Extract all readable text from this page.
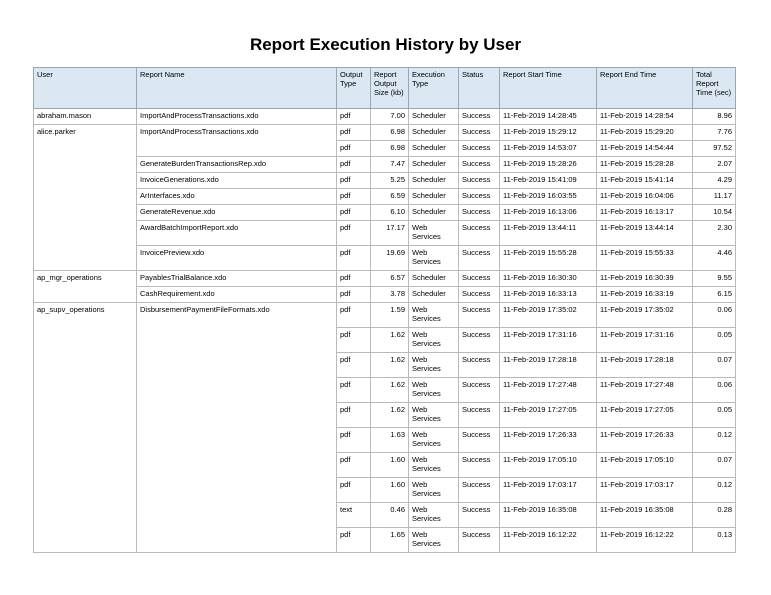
Report Execution History by User
User	Report Name	Output Type	Report Output Size (kb)	Execution Type	Status	Report Start Time	Report End Time	Total Report Time (sec)
abraham.mason	ImportAndProcessTransactions.xdo	pdf	7.00	Scheduler	Success	11-Feb-2019 14:28:45	11-Feb-2019 14:28:54	8.96
alice.parker	ImportAndProcessTransactions.xdo	pdf	6.98	Scheduler	Success	11-Feb-2019 15:29:12	11-Feb-2019 15:29:20	7.76
		pdf	6.98	Scheduler	Success	11-Feb-2019 14:53:07	11-Feb-2019 14:54:44	97.52
	GenerateBurdenTransactionsRep.xdo	pdf	7.47	Scheduler	Success	11-Feb-2019 15:28:26	11-Feb-2019 15:28:28	2.07
	InvoiceGenerations.xdo	pdf	5.25	Scheduler	Success	11-Feb-2019 15:41:09	11-Feb-2019 15:41:14	4.29
	ArInterfaces.xdo	pdf	6.59	Scheduler	Success	11-Feb-2019 16:03:55	11-Feb-2019 16:04:06	11.17
	GenerateRevenue.xdo	pdf	6.10	Scheduler	Success	11-Feb-2019 16:13:06	11-Feb-2019 16:13:17	10.54
	AwardBatchImportReport.xdo	pdf	17.17	Web Services	Success	11-Feb-2019 13:44:11	11-Feb-2019 13:44:14	2.30
	InvoicePreview.xdo	pdf	19.69	Web Services	Success	11-Feb-2019 15:55:28	11-Feb-2019 15:55:33	4.46
ap_mgr_operations	PayablesTrialBalance.xdo	pdf	6.57	Scheduler	Success	11-Feb-2019 16:30:30	11-Feb-2019 16:30:39	9.55
	CashRequirement.xdo	pdf	3.78	Scheduler	Success	11-Feb-2019 16:33:13	11-Feb-2019 16:33:19	6.15
ap_supv_operations	DisbursementPaymentFileFormats.xdo	pdf	1.59	Web Services	Success	11-Feb-2019 17:35:02	11-Feb-2019 17:35:02	0.06
		pdf	1.62	Web Services	Success	11-Feb-2019 17:31:16	11-Feb-2019 17:31:16	0.05
		pdf	1.62	Web Services	Success	11-Feb-2019 17:28:18	11-Feb-2019 17:28:18	0.07
		pdf	1.62	Web Services	Success	11-Feb-2019 17:27:48	11-Feb-2019 17:27:48	0.06
		pdf	1.62	Web Services	Success	11-Feb-2019 17:27:05	11-Feb-2019 17:27:05	0.05
		pdf	1.63	Web Services	Success	11-Feb-2019 17:26:33	11-Feb-2019 17:26:33	0.12
		pdf	1.60	Web Services	Success	11-Feb-2019 17:05:10	11-Feb-2019 17:05:10	0.07
		pdf	1.60	Web Services	Success	11-Feb-2019 17:03:17	11-Feb-2019 17:03:17	0.12
		text	0.46	Web Services	Success	11-Feb-2019 16:35:08	11-Feb-2019 16:35:08	0.28
		pdf	1.65	Web Services	Success	11-Feb-2019 16:12:22	11-Feb-2019 16:12:22	0.13
